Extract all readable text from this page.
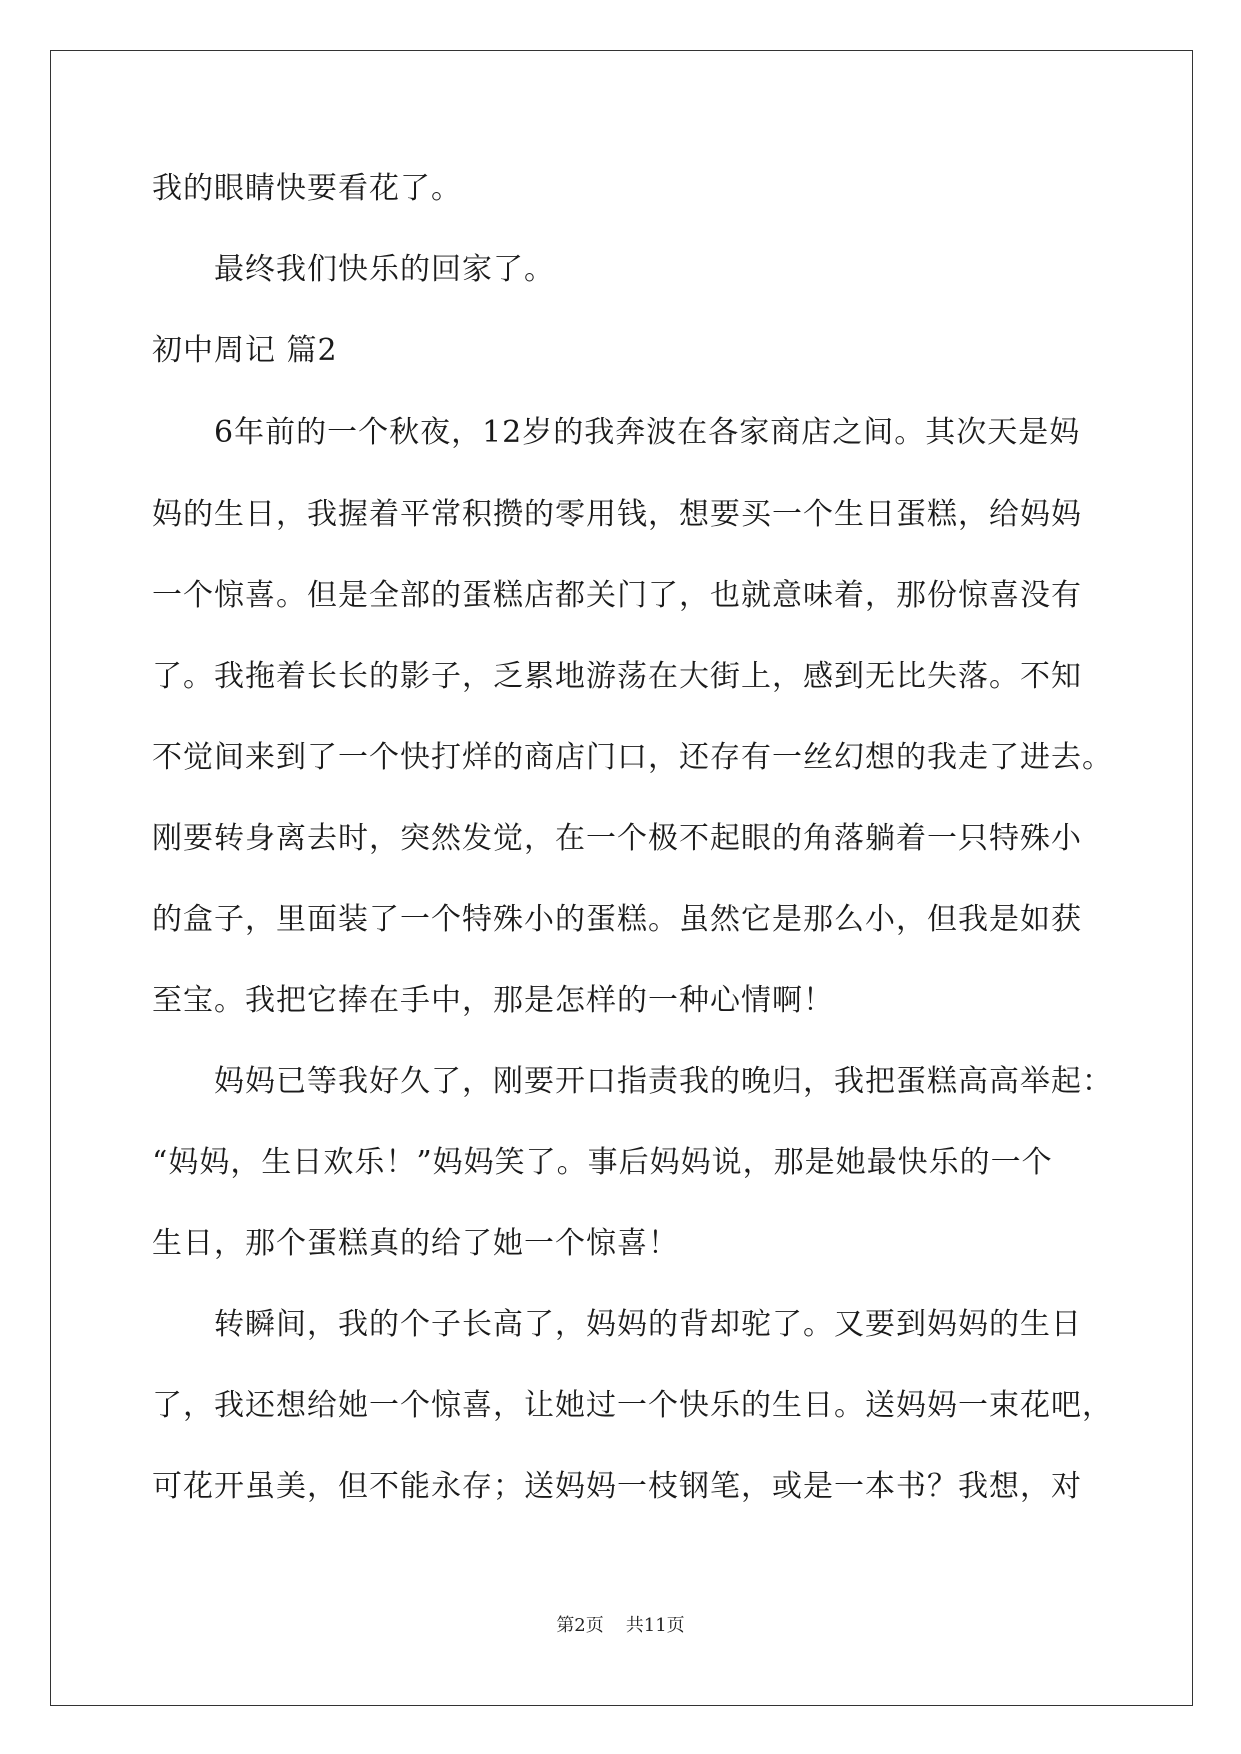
我的眼睛快要看花了。

最终我们快乐的回家了。

初中周记 篇2

6年前的一个秋夜，12岁的我奔波在各家商店之间。其次天是妈

妈的生日，我握着平常积攒的零用钱，想要买一个生日蛋糕，给妈妈

一个惊喜。但是全部的蛋糕店都关门了，也就意味着，那份惊喜没有

了。我拖着长长的影子，乏累地游荡在大街上，感到无比失落。不知

不觉间来到了一个快打烊的商店门口，还存有一丝幻想的我走了进去。

刚要转身离去时，突然发觉，在一个极不起眼的角落躺着一只特殊小

的盒子，里面装了一个特殊小的蛋糕。虽然它是那么小，但我是如获

至宝。我把它捧在手中，那是怎样的一种心情啊！

妈妈已等我好久了，刚要开口指责我的晚归，我把蛋糕高高举起：

“妈妈，生日欢乐！”妈妈笑了。事后妈妈说，那是她最快乐的一个

生日，那个蛋糕真的给了她一个惊喜！

转瞬间，我的个子长高了，妈妈的背却驼了。又要到妈妈的生日

了，我还想给她一个惊喜，让她过一个快乐的生日。送妈妈一束花吧，

可花开虽美，但不能永存；送妈妈一枝钢笔，或是一本书？我想，对

第2页 共11页
